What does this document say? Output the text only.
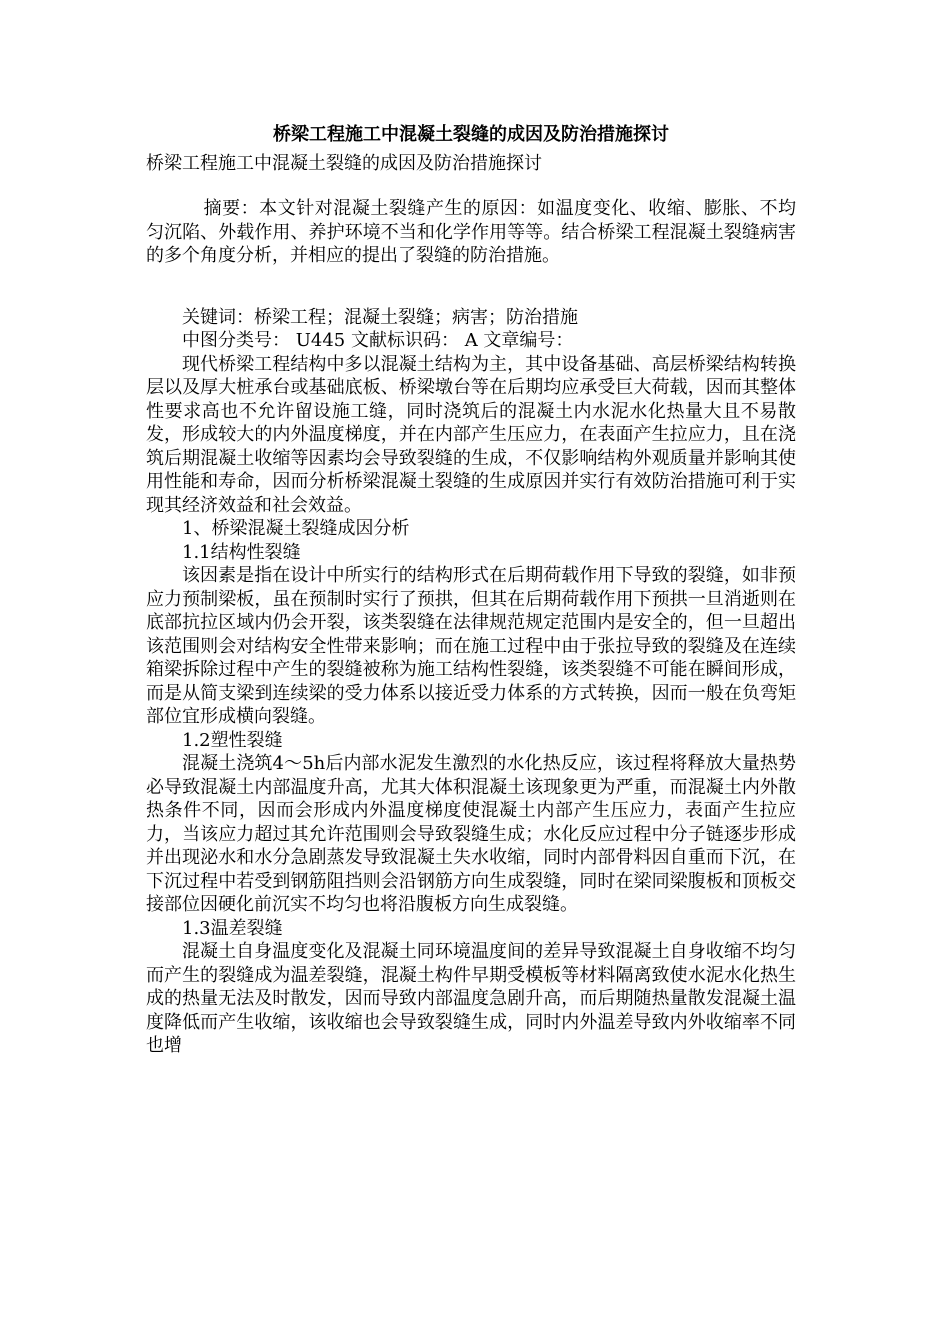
桥梁工程施工中混凝土裂缝的成因及防治措施探讨

桥梁工程施工中混凝土裂缝的成因及防治措施探讨

摘要：本文针对混凝土裂缝产生的原因：如温度变化、收缩、膨胀、不均匀沉陷、外载作用、养护环境不当和化学作用等等。结合桥梁工程混凝土裂缝病害的多个角度分析，并相应的提出了裂缝的防治措施。

关键词：桥梁工程；混凝土裂缝；病害；防治措施

中图分类号： U445 文献标识码： A 文章编号：

现代桥梁工程结构中多以混凝土结构为主，其中设备基础、高层桥梁结构转换层以及厚大桩承台或基础底板、桥梁墩台等在后期均应承受巨大荷载，因而其整体性要求高也不允许留设施工缝，同时浇筑后的混凝土内水泥水化热量大且不易散发，形成较大的内外温度梯度，并在内部产生压应力，在表面产生拉应力，且在浇筑后期混凝土收缩等因素均会导致裂缝的生成，不仅影响结构外观质量并影响其使用性能和寿命，因而分析桥梁混凝土裂缝的生成原因并实行有效防治措施可利于实现其经济效益和社会效益。

1、桥梁混凝土裂缝成因分析

1.1结构性裂缝

该因素是指在设计中所实行的结构形式在后期荷载作用下导致的裂缝，如非预应力预制梁板，虽在预制时实行了预拱，但其在后期荷载作用下预拱一旦消逝则在底部抗拉区域内仍会开裂，该类裂缝在法律规范规定范围内是安全的，但一旦超出该范围则会对结构安全性带来影响；而在施工过程中由于张拉导致的裂缝及在连续箱梁拆除过程中产生的裂缝被称为施工结构性裂缝，该类裂缝不可能在瞬间形成，而是从简支梁到连续梁的受力体系以接近受力体系的方式转换，因而一般在负弯矩部位宜形成横向裂缝。

1.2塑性裂缝

混凝土浇筑4～5h后内部水泥发生激烈的水化热反应，该过程将释放大量热势必导致混凝土内部温度升高，尤其大体积混凝土该现象更为严重，而混凝土内外散热条件不同，因而会形成内外温度梯度使混凝土内部产生压应力，表面产生拉应力，当该应力超过其允许范围则会导致裂缝生成；水化反应过程中分子链逐步形成并出现泌水和水分急剧蒸发导致混凝土失水收缩，同时内部骨料因自重而下沉，在下沉过程中若受到钢筋阻挡则会沿钢筋方向生成裂缝，同时在梁同梁腹板和顶板交接部位因硬化前沉实不均匀也将沿腹板方向生成裂缝。

1.3温差裂缝

混凝土自身温度变化及混凝土同环境温度间的差异导致混凝土自身收缩不均匀而产生的裂缝成为温差裂缝，混凝土构件早期受模板等材料隔离致使水泥水化热生成的热量无法及时散发，因而导致内部温度急剧升高，而后期随热量散发混凝土温度降低而产生收缩，该收缩也会导致裂缝生成，同时内外温差导致内外收缩率不同也增
